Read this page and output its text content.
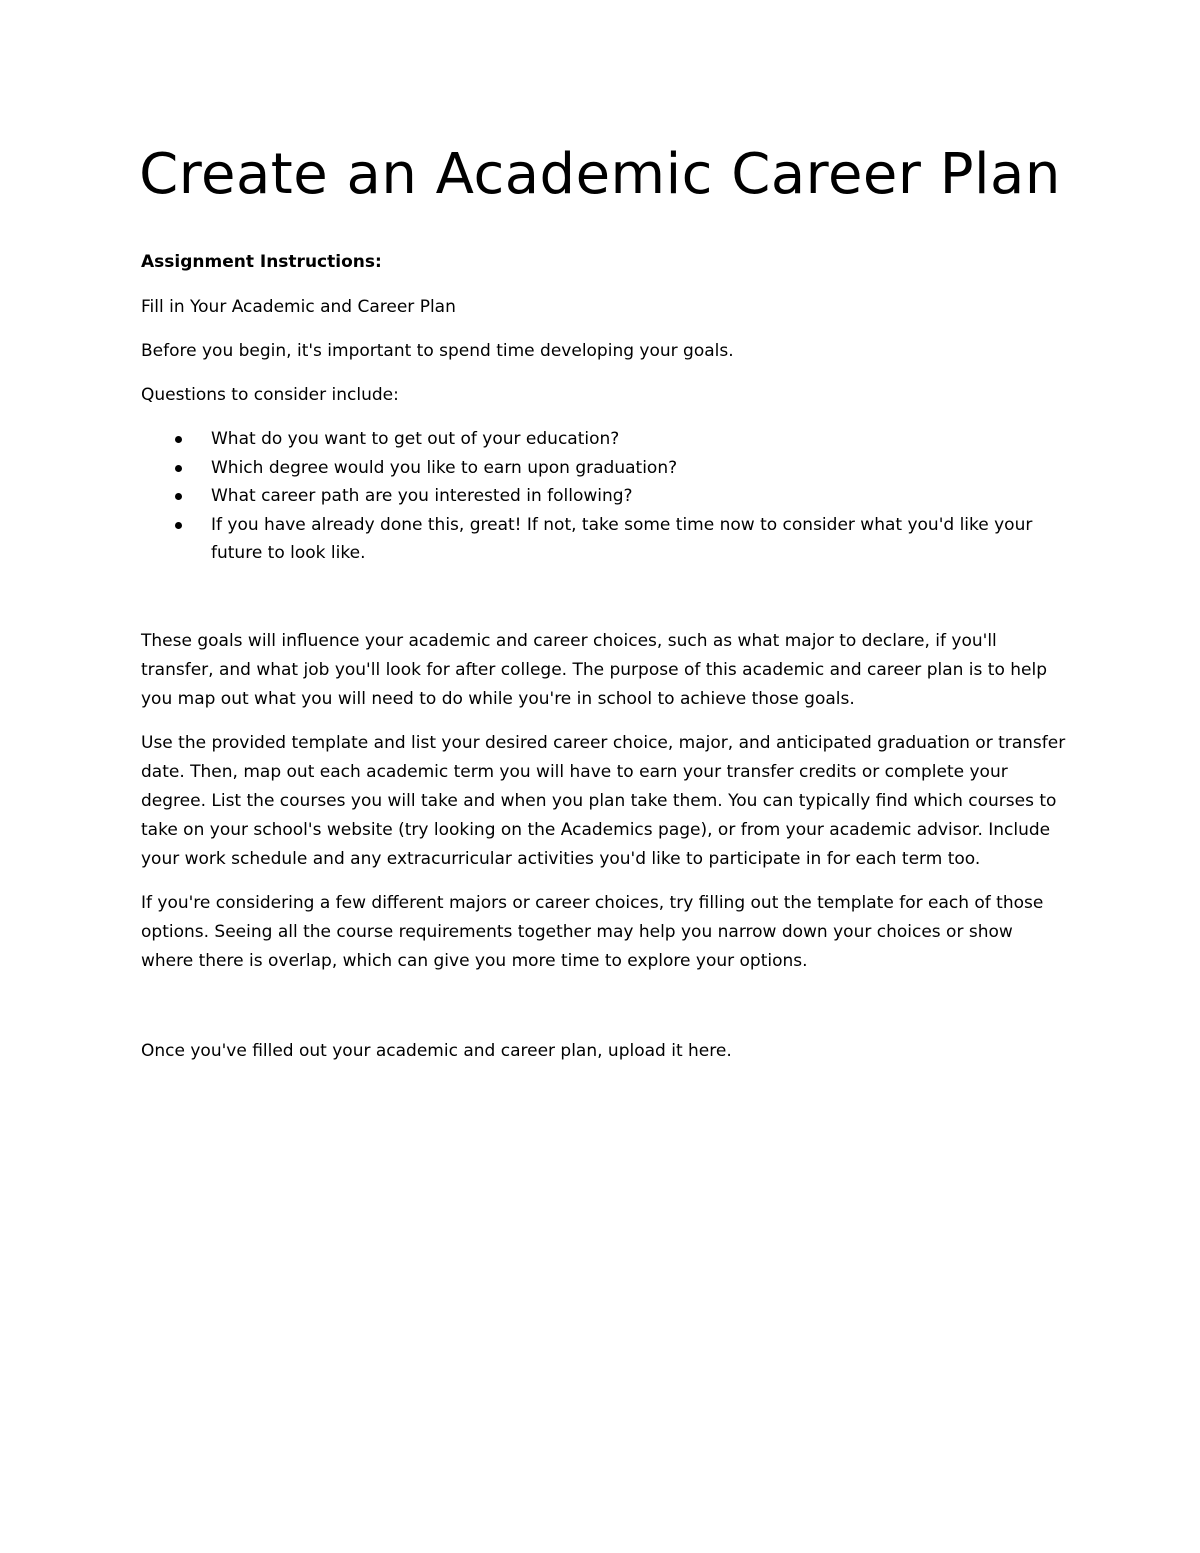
Create an Academic Career Plan

Assignment Instructions:

Fill in Your Academic and Career Plan

Before you begin, it's important to spend time developing your goals.

Questions to consider include:

What do you want to get out of your education?
Which degree would you like to earn upon graduation?
What career path are you interested in following?
If you have already done this, great! If not, take some time now to consider what you'd like your future to look like.

These goals will influence your academic and career choices, such as what major to declare, if you'll transfer, and what job you'll look for after college. The purpose of this academic and career plan is to help you map out what you will need to do while you're in school to achieve those goals.

Use the provided template and list your desired career choice, major, and anticipated graduation or transfer date. Then, map out each academic term you will have to earn your transfer credits or complete your degree. List the courses you will take and when you plan take them. You can typically find which courses to take on your school's website (try looking on the Academics page), or from your academic advisor. Include your work schedule and any extracurricular activities you'd like to participate in for each term too.

If you're considering a few different majors or career choices, try filling out the template for each of those options. Seeing all the course requirements together may help you narrow down your choices or show where there is overlap, which can give you more time to explore your options.

Once you've filled out your academic and career plan, upload it here.
